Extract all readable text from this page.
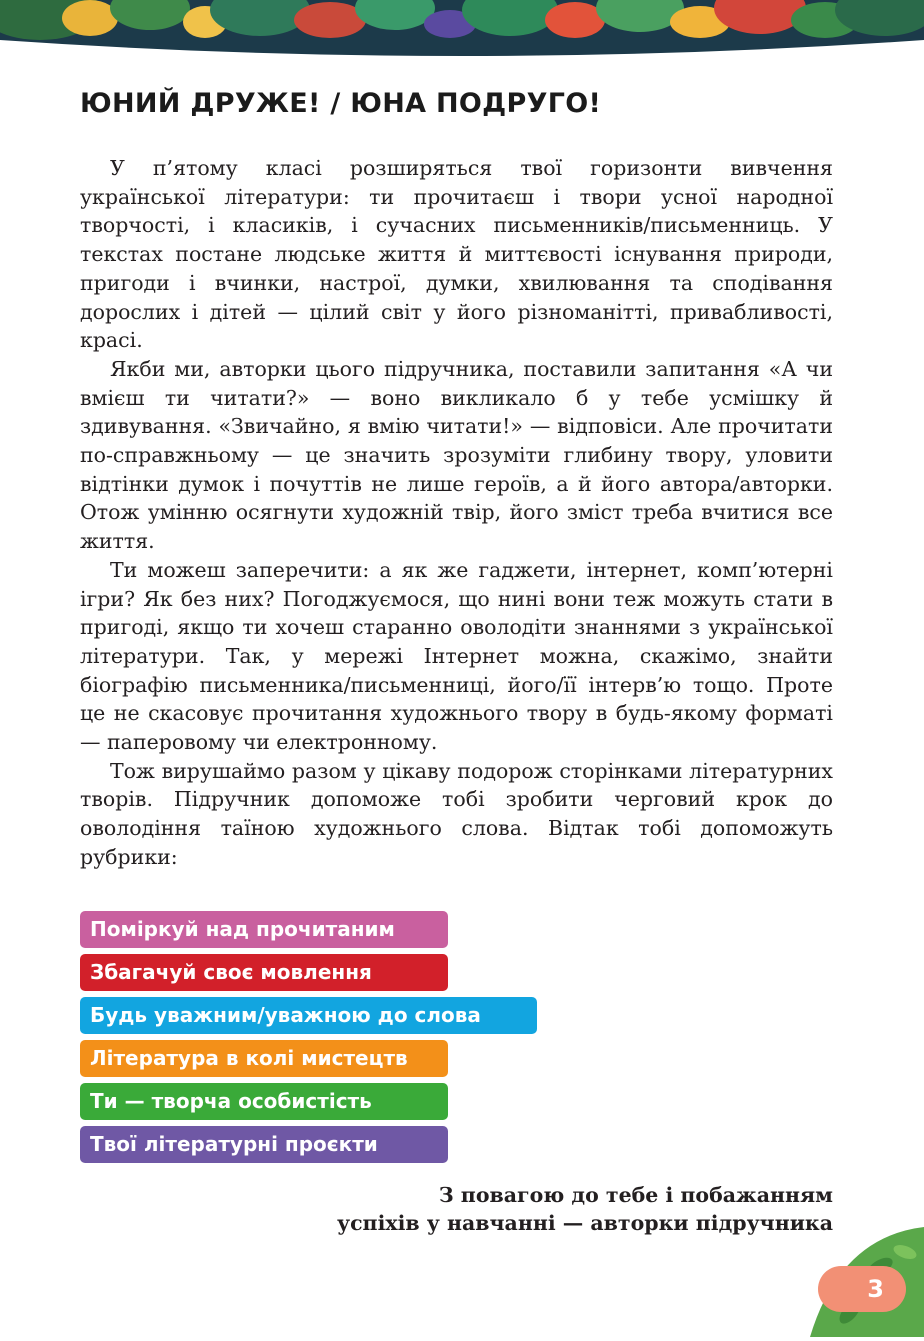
ЮНИЙ ДРУЖЕ! / ЮНА ПОДРУГО!

У п’ятому класі розширяться твої горизонти вивчення української літератури: ти прочитаєш і твори усної народної творчості, і класиків, і сучасних письменників/письменниць. У текстах постане людське життя й миттєвості існування природи, пригоди і вчинки, настрої, думки, хвилювання та сподівання дорослих і дітей — цілий світ у його різноманітті, привабливості, красі.

Якби ми, авторки цього підручника, поставили запитання «А чи вмієш ти читати?» — воно викликало б у тебе усмішку й здивування. «Звичайно, я вмію читати!» — відповіси. Але прочитати по-справжньому — це значить зрозуміти глибину твору, уловити відтінки думок і почуттів не лише героїв, а й його автора/авторки. Отож умінню осягнути художній твір, його зміст треба вчитися все життя.

Ти можеш заперечити: а як же гаджети, інтернет, комп’ютерні ігри? Як без них? Погоджуємося, що нині вони теж можуть стати в пригоді, якщо ти хочеш старанно оволодіти знаннями з української літератури. Так, у мережі Інтернет можна, скажімо, знайти біографію письменника/письменниці, його/її інтерв’ю тощо. Проте це не скасовує прочитання художнього твору в будь-якому форматі — паперовому чи електронному.

Тож вирушаймо разом у цікаву подорож сторінками літературних творів. Підручник допоможе тобі зробити черговий крок до оволодіння таїною художнього слова. Відтак тобі допоможуть рубрики:

Поміркуй над прочитаним
Збагачуй своє мовлення
Будь уважним/уважною до слова
Література в колі мистецтв
Ти — творча особистість
Твої літературні проєкти
З повагою до тебе і побажанням
успіхів у навчанні — авторки підручника
3
